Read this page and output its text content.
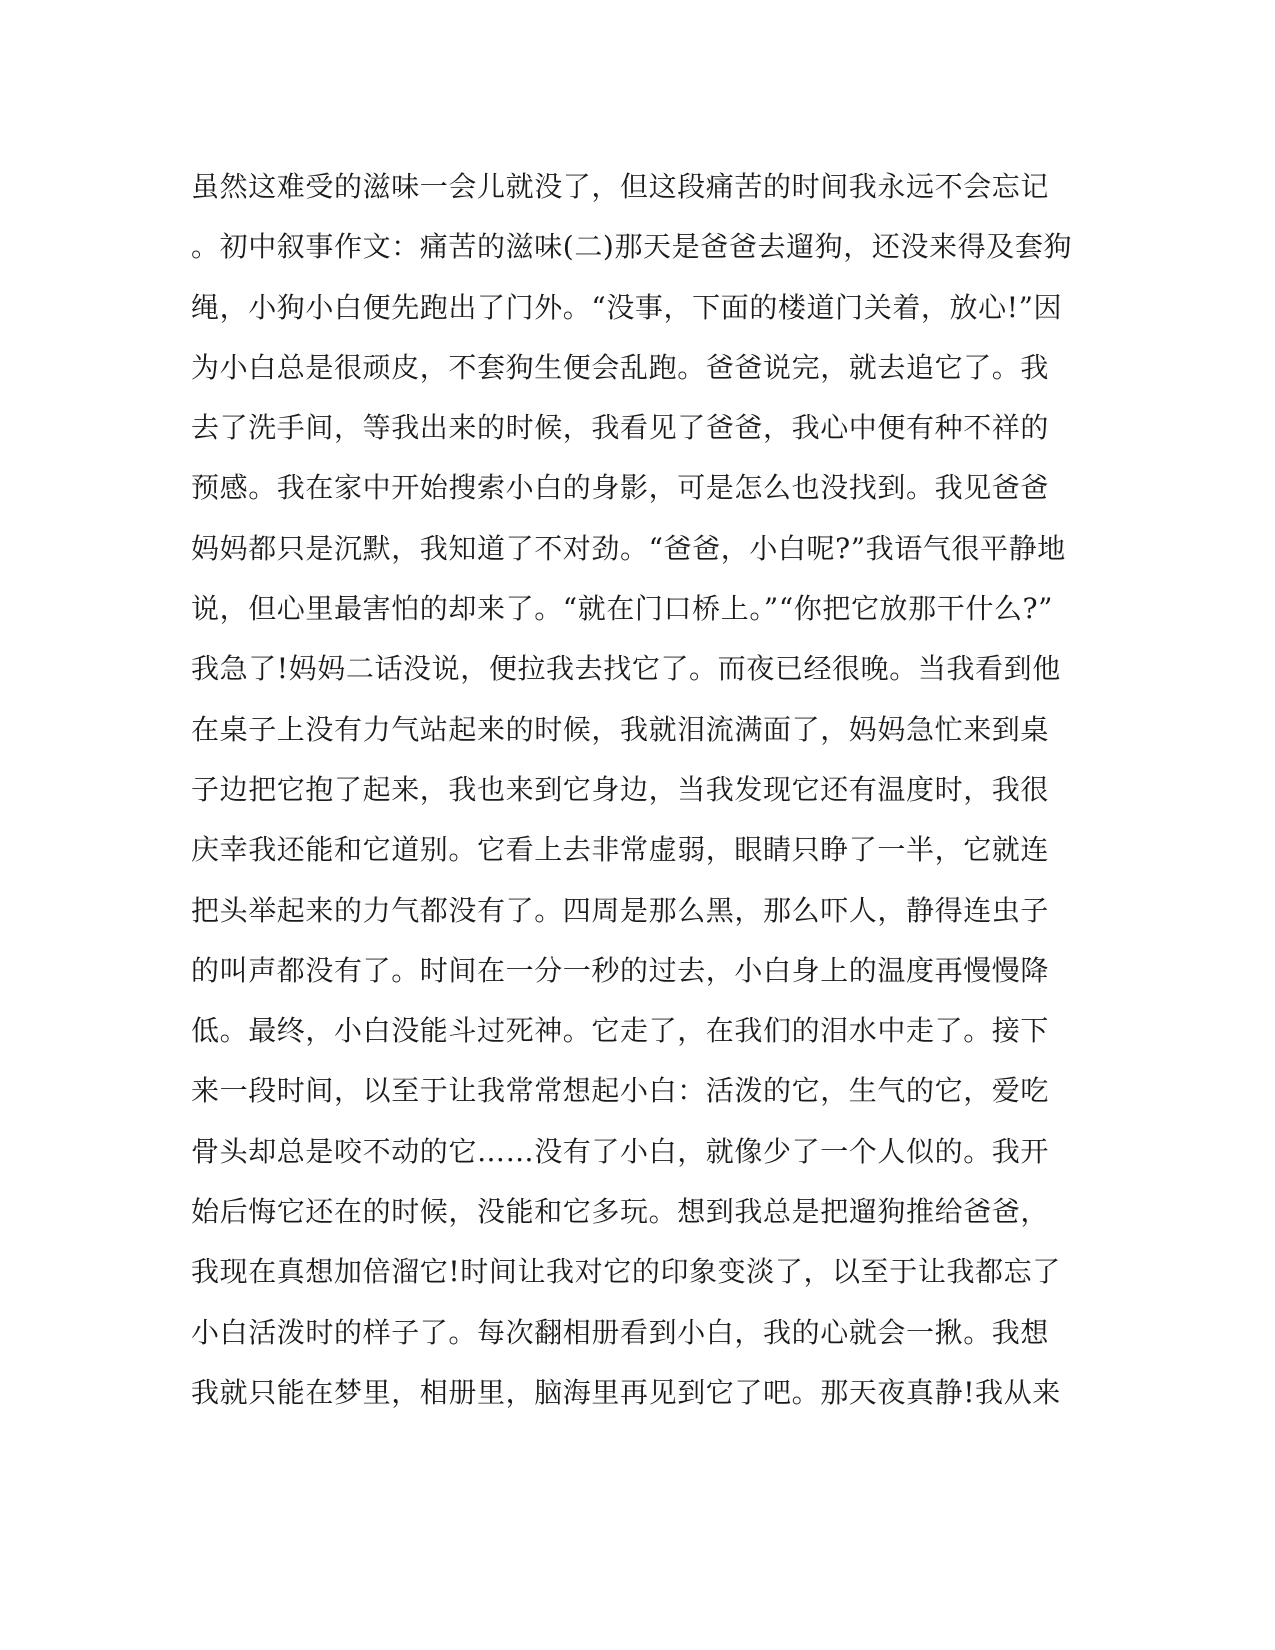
虽然这难受的滋味一会儿就没了，但这段痛苦的时间我永远不会忘记
。初中叙事作文：痛苦的滋味(二)那天是爸爸去遛狗，还没来得及套狗
绳，小狗小白便先跑出了门外。“没事，下面的楼道门关着，放心!”因
为小白总是很顽皮，不套狗生便会乱跑。爸爸说完，就去追它了。我
去了洗手间，等我出来的时候，我看见了爸爸，我心中便有种不祥的
预感。我在家中开始搜索小白的身影，可是怎么也没找到。我见爸爸
妈妈都只是沉默，我知道了不对劲。“爸爸，小白呢?”我语气很平静地
说，但心里最害怕的却来了。“就在门口桥上。”“你把它放那干什么?”
我急了!妈妈二话没说，便拉我去找它了。而夜已经很晚。当我看到他
在桌子上没有力气站起来的时候，我就泪流满面了，妈妈急忙来到桌
子边把它抱了起来，我也来到它身边，当我发现它还有温度时，我很
庆幸我还能和它道别。它看上去非常虚弱，眼睛只睁了一半，它就连
把头举起来的力气都没有了。四周是那么黑，那么吓人，静得连虫子
的叫声都没有了。时间在一分一秒的过去，小白身上的温度再慢慢降
低。最终，小白没能斗过死神。它走了，在我们的泪水中走了。接下
来一段时间，以至于让我常常想起小白：活泼的它，生气的它，爱吃
骨头却总是咬不动的它……没有了小白，就像少了一个人似的。我开
始后悔它还在的时候，没能和它多玩。想到我总是把遛狗推给爸爸，
我现在真想加倍溜它!时间让我对它的印象变淡了，以至于让我都忘了
小白活泼时的样子了。每次翻相册看到小白，我的心就会一揪。我想
我就只能在梦里，相册里，脑海里再见到它了吧。那天夜真静!我从来
